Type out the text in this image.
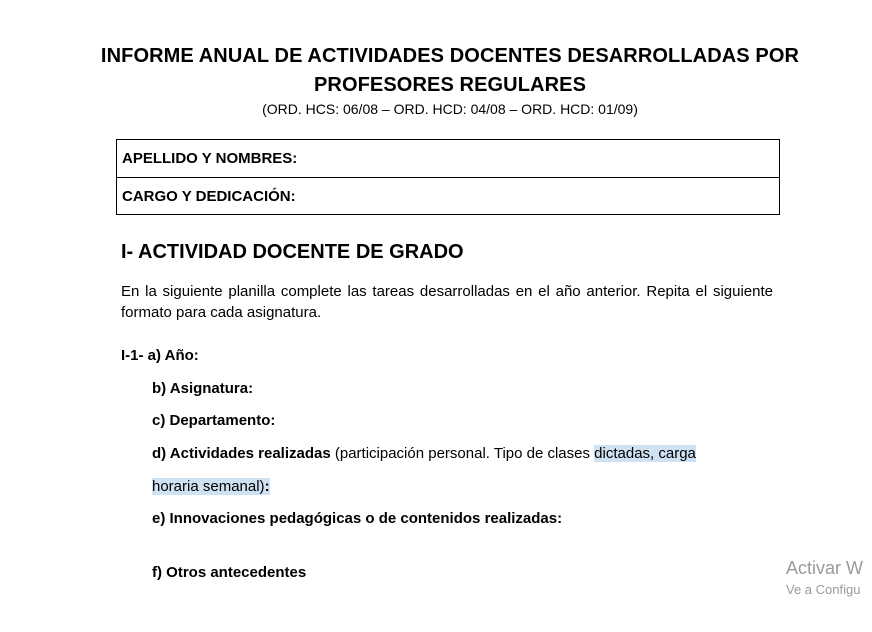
INFORME ANUAL DE ACTIVIDADES DOCENTES DESARROLLADAS POR
PROFESORES REGULARES
(ORD. HCS: 06/08 – ORD. HCD: 04/08 – ORD. HCD: 01/09)
APELLIDO Y NOMBRES:
CARGO Y DEDICACIÓN:
I- ACTIVIDAD DOCENTE DE GRADO
En la siguiente planilla complete las tareas desarrolladas en el año anterior. Repita el siguiente formato para cada asignatura.
I-1- a) Año:
b) Asignatura:
c) Departamento:
d) Actividades realizadas (participación personal. Tipo de clases dictadas, carga
horaria semanal):
e) Innovaciones pedagógicas o de contenidos realizadas:
f) Otros antecedentes	Activar W
Ve a Configu
